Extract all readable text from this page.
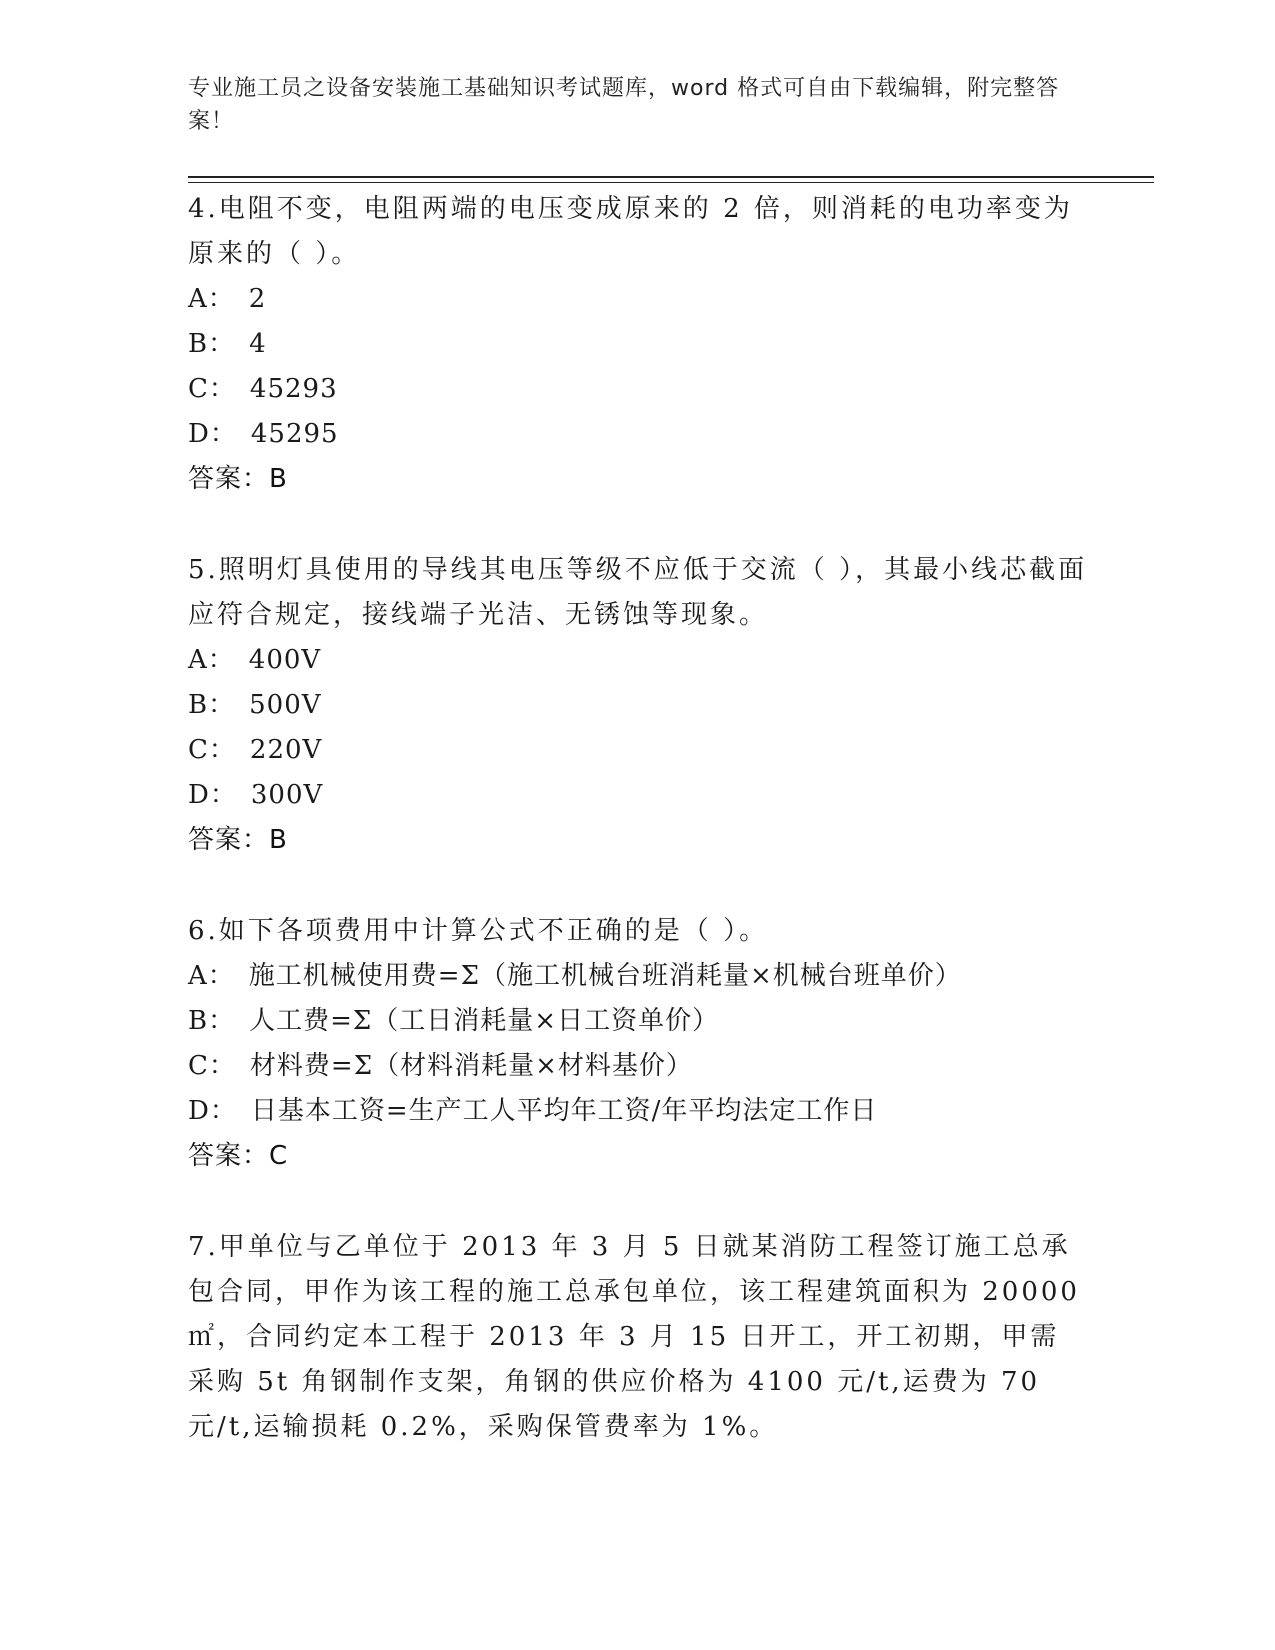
专业施工员之设备安装施工基础知识考试题库，word 格式可自由下载编辑，附完整答案！
4.电阻不变，电阻两端的电压变成原来的 2 倍，则消耗的电功率变为原来的（ ）。
A： 2
B： 4
C： 45293
D： 45295
答案：B
5.照明灯具使用的导线其电压等级不应低于交流（ ），其最小线芯截面应符合规定，接线端子光洁、无锈蚀等现象。
A： 400V
B： 500V
C： 220V
D： 300V
答案：B
6.如下各项费用中计算公式不正确的是（ ）。
A： 施工机械使用费=Σ（施工机械台班消耗量×机械台班单价）
B： 人工费=Σ（工日消耗量×日工资单价）
C： 材料费=Σ（材料消耗量×材料基价）
D： 日基本工资=生产工人平均年工资/年平均法定工作日
答案：C
7.甲单位与乙单位于 2013 年 3 月 5 日就某消防工程签订施工总承包合同，甲作为该工程的施工总承包单位，该工程建筑面积为 20000㎡，合同约定本工程于 2013 年 3 月 15 日开工，开工初期，甲需采购 5t 角钢制作支架，角钢的供应价格为 4100 元/t,运费为 70 元/t,运输损耗 0.2%，采购保管费率为 1%。
